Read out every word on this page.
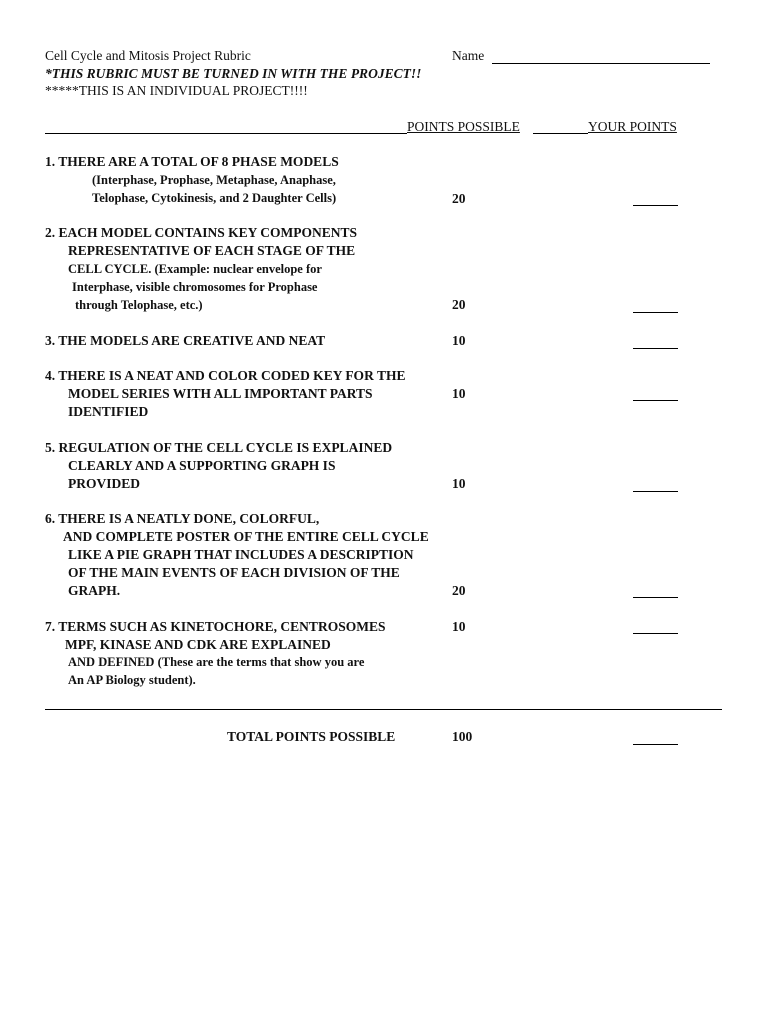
Cell Cycle and Mitosis Project Rubric	Name
*THIS RUBRIC MUST BE TURNED IN WITH THE PROJECT!!
*****THIS IS AN INDIVIDUAL PROJECT!!!!
POINTS POSSIBLE	YOUR POINTS
1. THERE ARE A TOTAL OF 8 PHASE MODELS
(Interphase, Prophase, Metaphase, Anaphase,
Telophase, Cytokinesis, and 2 Daughter Cells)	20
2. EACH MODEL CONTAINS KEY COMPONENTS
REPRESENTATIVE OF EACH STAGE OF THE
CELL CYCLE. (Example: nuclear envelope for
Interphase, visible chromosomes for Prophase
through Telophase, etc.)	20
3. THE MODELS ARE CREATIVE AND NEAT	10
4. THERE IS A NEAT AND COLOR CODED KEY FOR THE
MODEL SERIES WITH ALL IMPORTANT PARTS	10
IDENTIFIED
5. REGULATION OF THE CELL CYCLE IS EXPLAINED
CLEARLY AND A SUPPORTING GRAPH IS
PROVIDED	10
6. THERE IS A NEATLY DONE, COLORFUL,
AND COMPLETE POSTER OF THE ENTIRE CELL CYCLE
LIKE A PIE GRAPH THAT INCLUDES A DESCRIPTION
OF THE MAIN EVENTS OF EACH DIVISION OF THE
GRAPH.	20
7. TERMS SUCH AS KINETOCHORE, CENTROSOMES	10
MPF, KINASE AND CDK ARE EXPLAINED
AND DEFINED (These are the terms that show you are
An AP Biology student).
TOTAL POINTS POSSIBLE	100
